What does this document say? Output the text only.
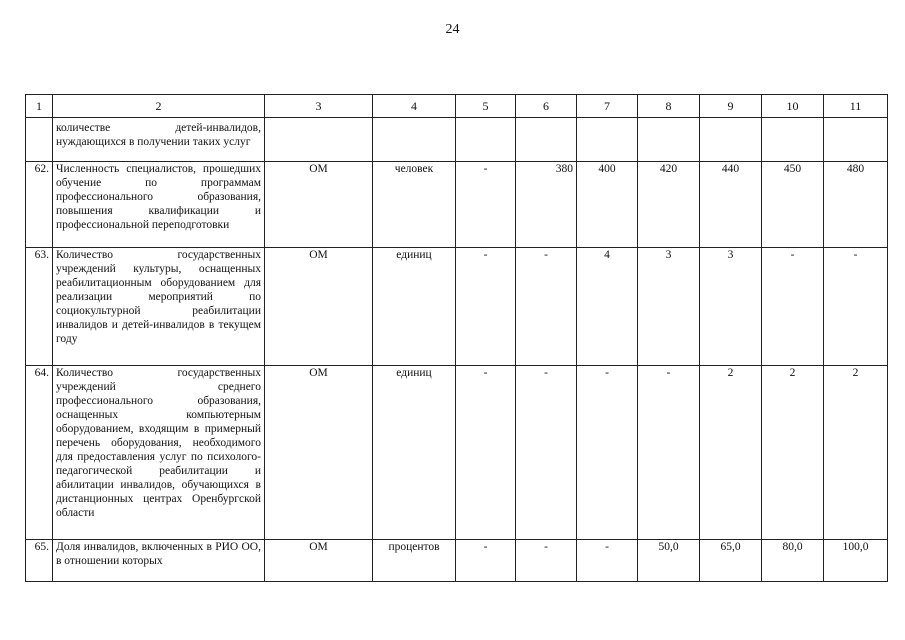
24
1	2	3	4	5	6	7	8	9	10	11
	количестве детей-инвалидов, нуждающихся в получении таких услуг									
62.	Численность специалистов, прошедших обучение по программам профессионального образования, повышения квалификации и профессиональной переподготовки	ОМ	человек	-	380	400	420	440	450	480
63.	Количество государственных учреждений культуры, оснащенных реабилитационным оборудованием для реализации мероприятий по социокультурной реабилитации инвалидов и детей-инвалидов в текущем году	ОМ	единиц	-	-	4	3	3	-	-
64.	Количество государственных учреждений среднего профессионального образования, оснащенных компьютерным оборудованием, входящим в примерный перечень оборудования, необходимого для предоставления услуг по психолого-педагогической реабилитации и абилитации инвалидов, обучающихся в дистанционных центрах Оренбургской области	ОМ	единиц	-	-	-	-	2	2	2
65.	Доля инвалидов, включенных в РИО ОО, в отношении которых	ОМ	процентов	-	-	-	50,0	65,0	80,0	100,0
